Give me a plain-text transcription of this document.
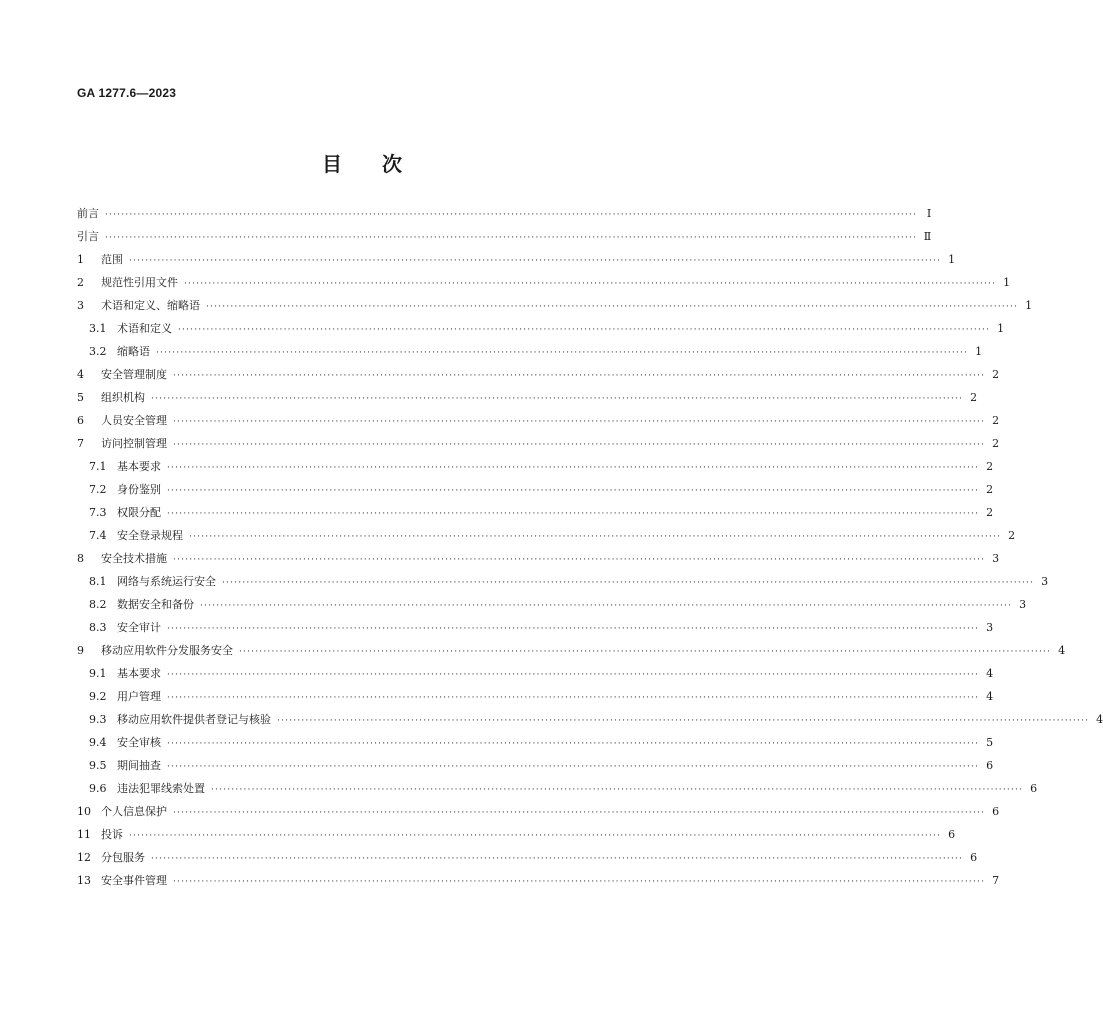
GA 1277.6—2023
目 次
前言 ········································································································································································································ Ⅰ
引言 ········································································································································································································ Ⅱ
1	范围 ········································································································································································································ 1
2	规范性引用文件 ········································································································································································································ 1
3	术语和定义、缩略语 ········································································································································································································ 1
3.1 术语和定义 ········································································································································································································ 1
3.2 缩略语 ········································································································································································································ 1
4	安全管理制度 ········································································································································································································ 2
5	组织机构 ········································································································································································································ 2
6	人员安全管理 ········································································································································································································ 2
7	访问控制管理 ········································································································································································································ 2
7.1 基本要求 ········································································································································································································ 2
7.2 身份鉴别 ········································································································································································································ 2
7.3 权限分配 ········································································································································································································ 2
7.4 安全登录规程 ········································································································································································································ 2
8	安全技术措施 ········································································································································································································ 3
8.1 网络与系统运行安全 ········································································································································································································ 3
8.2 数据安全和备份 ········································································································································································································ 3
8.3 安全审计 ········································································································································································································ 3
9	移动应用软件分发服务安全 ········································································································································································································ 4
9.1 基本要求 ········································································································································································································ 4
9.2 用户管理 ········································································································································································································ 4
9.3 移动应用软件提供者登记与核验 ········································································································································································································ 4
9.4 安全审核 ········································································································································································································ 5
9.5 期间抽查 ········································································································································································································ 6
9.6 违法犯罪线索处置 ········································································································································································································ 6
10 个人信息保护 ········································································································································································································ 6
11 投诉 ········································································································································································································ 6
12 分包服务 ········································································································································································································ 6
13 安全事件管理 ········································································································································································································ 7
